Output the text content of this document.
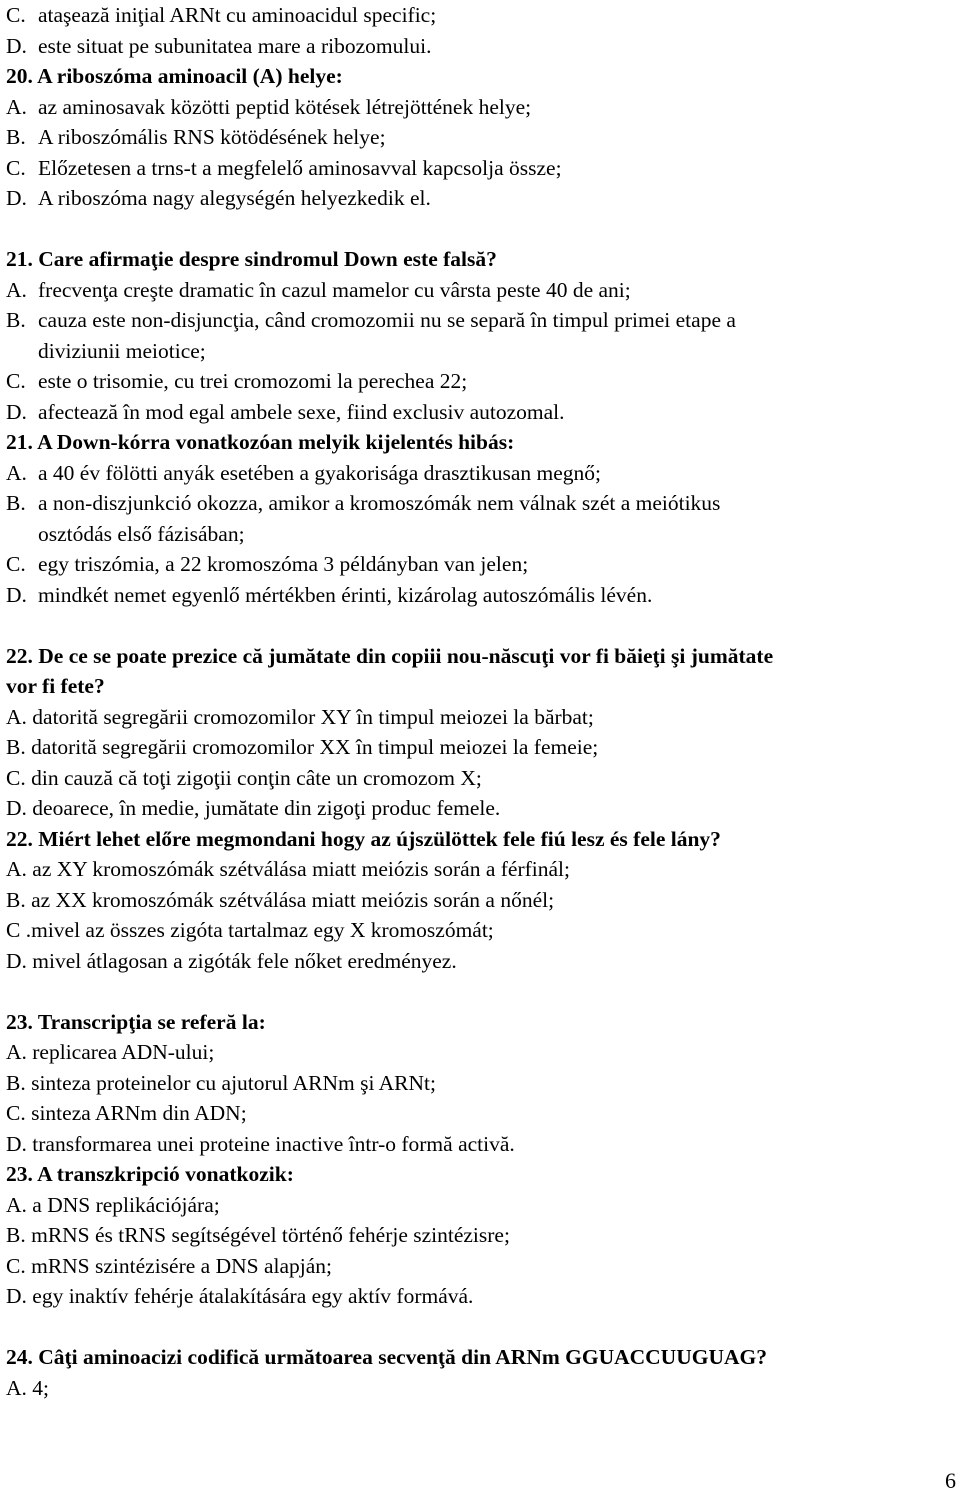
C. ataşează iniţial ARNt cu aminoacidul specific;
D. este situat pe subunitatea mare a ribozomului.
20. A riboszóma aminoacil (A) helye:
A. az aminosavak közötti peptid kötések létrejöttének helye;
B. A riboszómális RNS kötödésének helye;
C. Előzetesen a trns-t a megfelelő aminosavval kapcsolja össze;
D. A riboszóma nagy alegységén helyezkedik el.
21. Care afirmaţie despre sindromul Down este falsă?
A. frecvenţa creşte dramatic în cazul mamelor cu vârsta peste 40 de ani;
B. cauza este non-disjuncţia, când cromozomii nu se separă în timpul primei etape a
diviziunii meiotice;
C. este o trisomie, cu trei cromozomi la perechea 22;
D. afectează în mod egal ambele sexe, fiind exclusiv autozomal.
21. A Down-kórra vonatkozóan melyik kijelentés hibás:
A. a 40 év fölötti anyák esetében a gyakorisága drasztikusan megnő;
B. a non-diszjunkció okozza, amikor a kromoszómák nem válnak szét a meiótikus
osztódás első fázisában;
C. egy triszómia, a 22 kromoszóma 3 példányban van jelen;
D. mindkét nemet egyenlő mértékben érinti, kizárolag autoszómális lévén.
22. De ce se poate prezice că jumătate din copiii nou-născuţi vor fi băieţi şi jumătate
vor fi fete?
A. datorită segregării cromozomilor XY în timpul meiozei la bărbat;
B. datorită segregării cromozomilor XX în timpul meiozei la femeie;
C. din cauză că toţi zigoţii conţin câte un cromozom X;
D. deoarece, în medie, jumătate din zigoţi produc femele.
22. Miért lehet előre megmondani hogy az újszülöttek fele fiú lesz és fele lány?
A. az XY kromoszómák szétválása miatt meiózis során a férfinál;
B. az XX kromoszómák szétválása miatt meiózis során a nőnél;
C .mivel az összes zigóta tartalmaz egy X kromoszómát;
D. mivel átlagosan a zigóták fele nőket eredményez.
23. Transcripţia se referă la:
A. replicarea ADN-ului;
B. sinteza proteinelor cu ajutorul ARNm şi ARNt;
C. sinteza ARNm din ADN;
D. transformarea unei proteine inactive într-o formă activă.
23. A transzkripció vonatkozik:
A. a DNS replikációjára;
B. mRNS és tRNS segítségével történő fehérje szintézisre;
C. mRNS szintézisére a DNS alapján;
D. egy inaktív fehérje átalakítására egy aktív formává.
24. Câţi aminoacizi codifică următoarea secvenţă din ARNm GGUACCUUGUAG?
A. 4;
6
